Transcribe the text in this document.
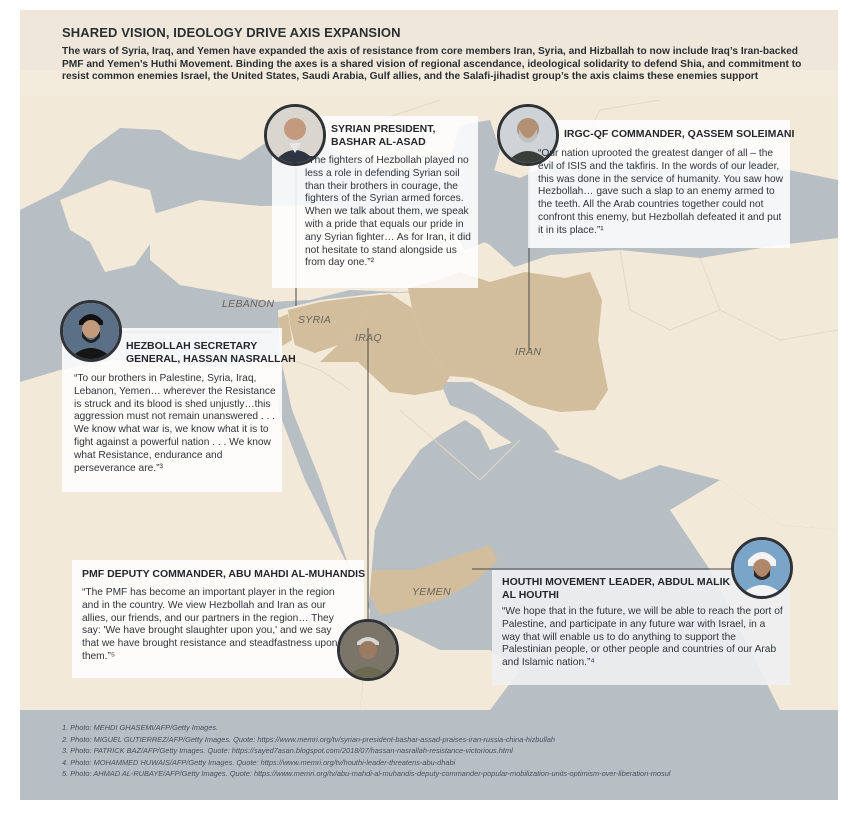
SHARED VISION, IDEOLOGY DRIVE AXIS EXPANSION

The wars of Syria, Iraq, and Yemen have expanded the axis of resistance from core members Iran, Syria, and Hizballah to now include Iraq’s Iran-backed PMF and Yemen’s Huthi Movement. Binding the axes is a shared vision of regional ascendance, ideological solidarity to defend Shia, and commitment to resist common enemies Israel, the United States, Saudi Arabia, Gulf allies, and the Salafi-jihadist group’s the axis claims these enemies support

LEBANON
SYRIA
IRAQ
IRAN
YEMEN
SYRIAN PRESIDENT,
BASHAR AL-ASAD

“The fighters of Hezbollah played no less a role in defending Syrian soil than their brothers in courage, the fighters of the Syrian armed forces. When we talk about them, we speak with a pride that equals our pride in any Syrian fighter… As for Iran, it did not hesitate to stand alongside us from day one.”²

IRGC-QF COMMANDER, QASSEM SOLEIMANI

“Our nation uprooted the greatest danger of all – the evil of ISIS and the takfiris. In the words of our leader, this was done in the service of humanity. You saw how Hezbollah… gave such a slap to an enemy armed to the teeth. All the Arab countries together could not confront this enemy, but Hezbollah defeated it and put it in its place.”¹

HEZBOLLAH SECRETARY
GENERAL, HASSAN NASRALLAH

“To our brothers in Palestine, Syria, Iraq, Lebanon, Yemen… wherever the Resistance is struck and its blood is shed unjustly…this aggression must not remain unanswered . . . We know what war is, we know what it is to fight against a powerful nation . . . We know what Resistance, endurance and perseverance are.”³

PMF DEPUTY COMMANDER, ABU MAHDI AL-MUHANDIS

“The PMF has become an important player in the region and in the country. We view Hezbollah and Iran as our allies, our friends, and our partners in the region… They say: 'We have brought slaughter upon you,' and we say that we have brought resistance and steadfastness upon them.”⁵

HOUTHI MOVEMENT LEADER, ABDUL MALIK
AL HOUTHI

“We hope that in the future, we will be able to reach the port of Palestine, and participate in any future war with Israel, in a way that will enable us to do anything to support the Palestinian people, or other people and countries of our Arab and Islamic nation.”⁴

1. Photo: MEHDI GHASEMI/AFP/Getty Images.
2. Photo: MIGUEL GUTIERREZ/AFP/Getty Images. Quote: https://www.memri.org/tv/syrian-president-bashar-assad-praises-iran-russia-china-hizbullah
3. Photo: PATRICK BAZ/AFP/Getty Images. Quote: https://sayed7asan.blogspot.com/2018/07/hassan-nasrallah-resistance-victorious.html
4. Photo: MOHAMMED HUWAIS/AFP/Getty Images. Quote: https://www.memri.org/tv/houthi-leader-threatens-abu-dhabi
5. Photo: AHMAD AL-RUBAYE/AFP/Getty Images. Quote: https://www.memri.org/tv/abu-mahdi-al-muhandis-deputy-commander-popular-mobilization-units-optimism-over-liberation-mosul
